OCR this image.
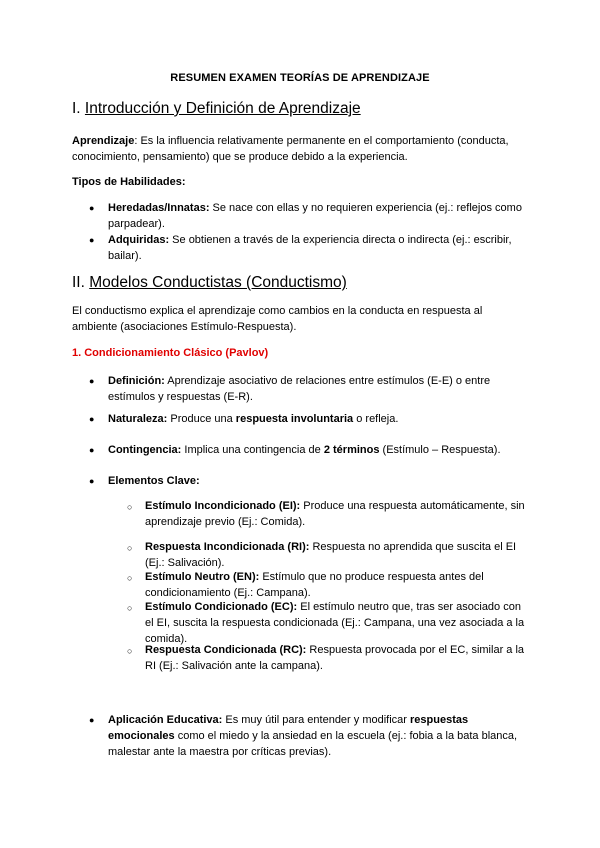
RESUMEN EXAMEN TEORÍAS DE APRENDIZAJE
I. Introducción y Definición de Aprendizaje
Aprendizaje: Es la influencia relativamente permanente en el comportamiento (conducta, conocimiento, pensamiento) que se produce debido a la experiencia.
Tipos de Habilidades:
● Heredadas/Innatas: Se nace con ellas y no requieren experiencia (ej.: reflejos como parpadear).
● Adquiridas: Se obtienen a través de la experiencia directa o indirecta (ej.: escribir, bailar).
II. Modelos Conductistas (Conductismo)
El conductismo explica el aprendizaje como cambios en la conducta en respuesta al ambiente (asociaciones Estímulo-Respuesta).
1. Condicionamiento Clásico (Pavlov)
● Definición: Aprendizaje asociativo de relaciones entre estímulos (E-E) o entre estímulos y respuestas (E-R).
● Naturaleza: Produce una respuesta involuntaria o refleja.
● Contingencia: Implica una contingencia de 2 términos (Estímulo – Respuesta).
● Elementos Clave:
○ Estímulo Incondicionado (EI): Produce una respuesta automáticamente, sin aprendizaje previo (Ej.: Comida).
○ Respuesta Incondicionada (RI): Respuesta no aprendida que suscita el EI (Ej.: Salivación).
○ Estímulo Neutro (EN): Estímulo que no produce respuesta antes del condicionamiento (Ej.: Campana).
○ Estímulo Condicionado (EC): El estímulo neutro que, tras ser asociado con el EI, suscita la respuesta condicionada (Ej.: Campana, una vez asociada a la comida).
○ Respuesta Condicionada (RC): Respuesta provocada por el EC, similar a la RI (Ej.: Salivación ante la campana).
● Aplicación Educativa: Es muy útil para entender y modificar respuestas emocionales como el miedo y la ansiedad en la escuela (ej.: fobia a la bata blanca, malestar ante la maestra por críticas previas).
